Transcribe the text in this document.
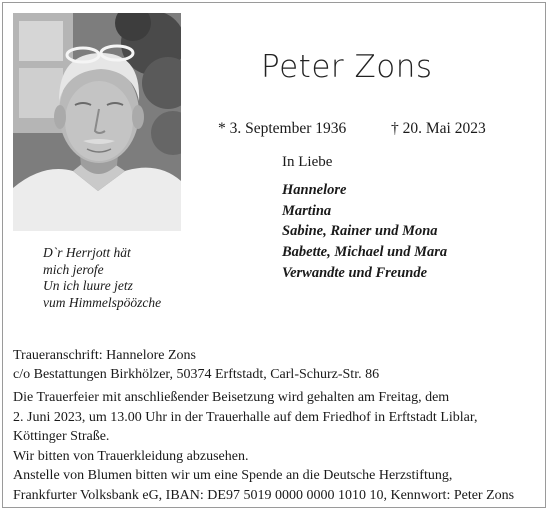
Peter Zons
* 3. September 1936	† 20. Mai 2023
In Liebe
Hannelore
Martina
Sabine, Rainer und Mona
Babette, Michael und Mara
Verwandte und Freunde
D`r Herrjott hät
mich jerofe
Un ich luure jetz
vum Himmelspöözche
Traueranschrift: Hannelore Zons
c/o Bestattungen Birkhölzer, 50374 Erftstadt, Carl-Schurz-Str. 86
Die Trauerfeier mit anschließender Beisetzung wird gehalten am Freitag, dem
2. Juni 2023, um 13.00 Uhr in der Trauerhalle auf dem Friedhof in Erftstadt Liblar,
Köttinger Straße.
Wir bitten von Trauerkleidung abzusehen.
Anstelle von Blumen bitten wir um eine Spende an die Deutsche Herzstiftung,
Frankfurter Volksbank eG, IBAN: DE97 5019 0000 0000 1010 10, Kennwort: Peter Zons
